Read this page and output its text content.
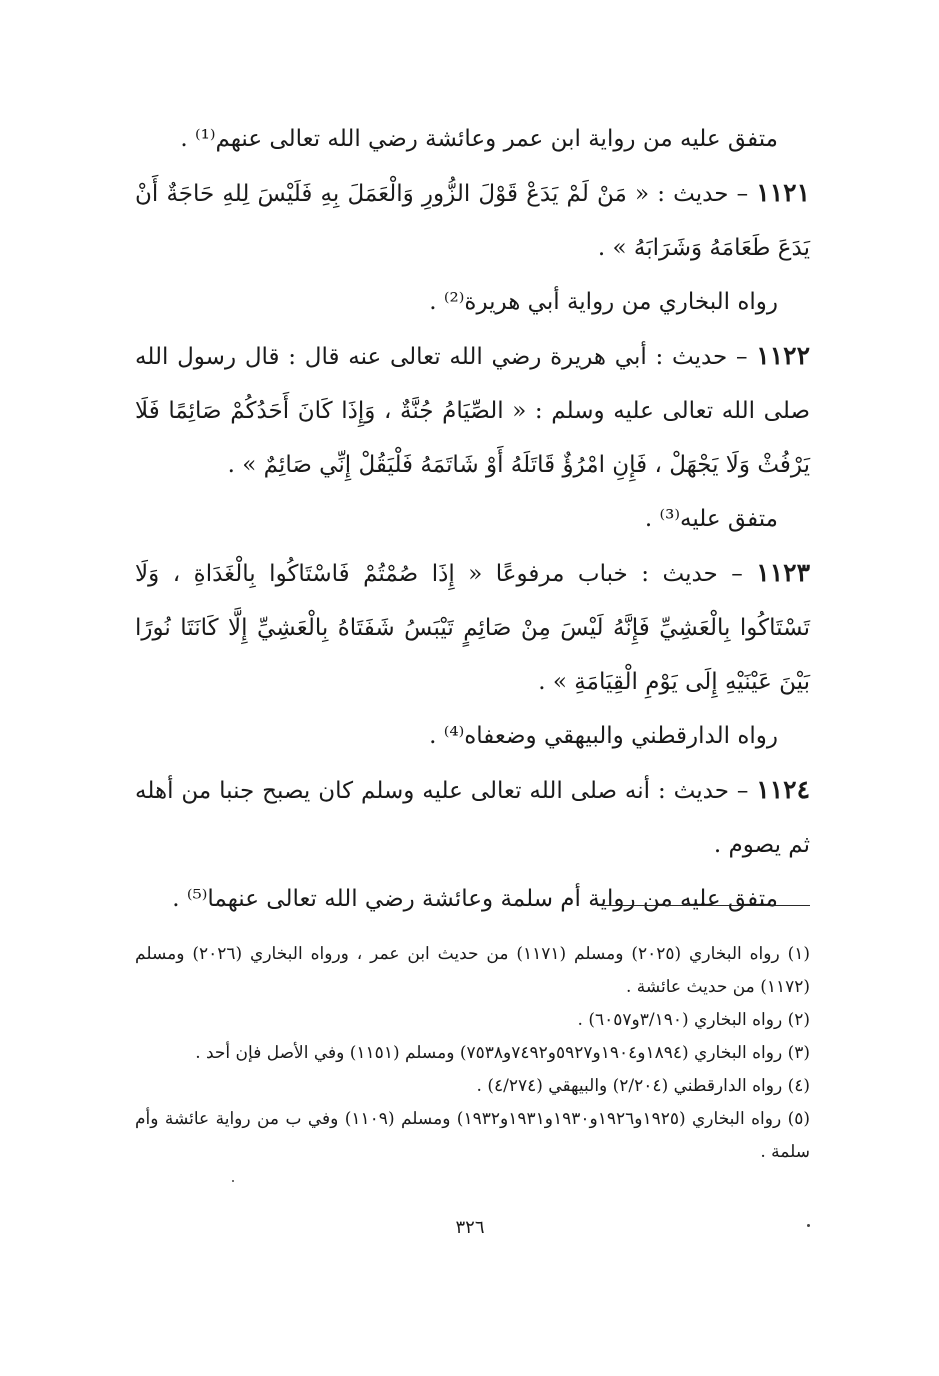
متفق عليه من رواية ابن عمر وعائشة رضي الله تعالى عنهم⁽¹⁾ .

١١٢١ – حديث : « مَنْ لَمْ يَدَعْ قَوْلَ الزُّورِ وَالْعَمَلَ بِهِ فَلَيْسَ لِلهِ حَاجَةٌ أَنْ يَدَعَ طَعَامَهُ وَشَرَابَهُ » .

رواه البخاري من رواية أبي هريرة⁽²⁾ .

١١٢٢ – حديث : أبي هريرة رضي الله تعالى عنه قال : قال رسول الله صلى الله تعالى عليه وسلم : « الصِّيَامُ جُنَّةٌ ، وَإِذَا كَانَ أَحَدُكُمْ صَائِمًا فَلَا يَرْفُثْ وَلَا يَجْهَلْ ، فَإِنِ امْرُؤٌ قَاتَلَهُ أَوْ شَاتَمَهُ فَلْيَقُلْ إِنِّي صَائِمٌ » .

متفق عليه⁽³⁾ .

١١٢٣ – حديث : خباب مرفوعًا « إِذَا صُمْتُمْ فَاسْتَاكُوا بِالْغَدَاةِ ، وَلَا تَسْتَاكُوا بِالْعَشِيِّ فَإِنَّهُ لَيْسَ مِنْ صَائِمٍ تَيْبَسُ شَفَتَاهُ بِالْعَشِيِّ إِلَّا كَانَتَا نُورًا بَيْنَ عَيْنَيْهِ إِلَى يَوْمِ الْقِيَامَةِ » .

رواه الدارقطني والبيهقي وضعفاه⁽⁴⁾ .

١١٢٤ – حديث : أنه صلى الله تعالى عليه وسلم كان يصبح جنبا من أهله ثم يصوم .

متفق عليه من رواية أم سلمة وعائشة رضي الله تعالى عنهما⁽⁵⁾ .

(١) رواه البخاري (٢٠٢٥) ومسلم (١١٧١) من حديث ابن عمر ، ورواه البخاري (٢٠٢٦) ومسلم (١١٧٢) من حديث عائشة .

(٢) رواه البخاري (٣/١٩٠و٦٠٥٧) .

(٣) رواه البخاري (١٨٩٤و١٩٠٤و٥٩٢٧و٧٤٩٢و٧٥٣٨) ومسلم (١١٥١) وفي الأصل فإن أحد .

(٤) رواه الدارقطني (٢/٢٠٤) والبيهقي (٤/٢٧٤) .

(٥) رواه البخاري (١٩٢٥و١٩٢٦و١٩٣٠و١٩٣١و١٩٣٢) ومسلم (١١٠٩) وفي ب من رواية عائشة وأم سلمة .

٣٢٦
